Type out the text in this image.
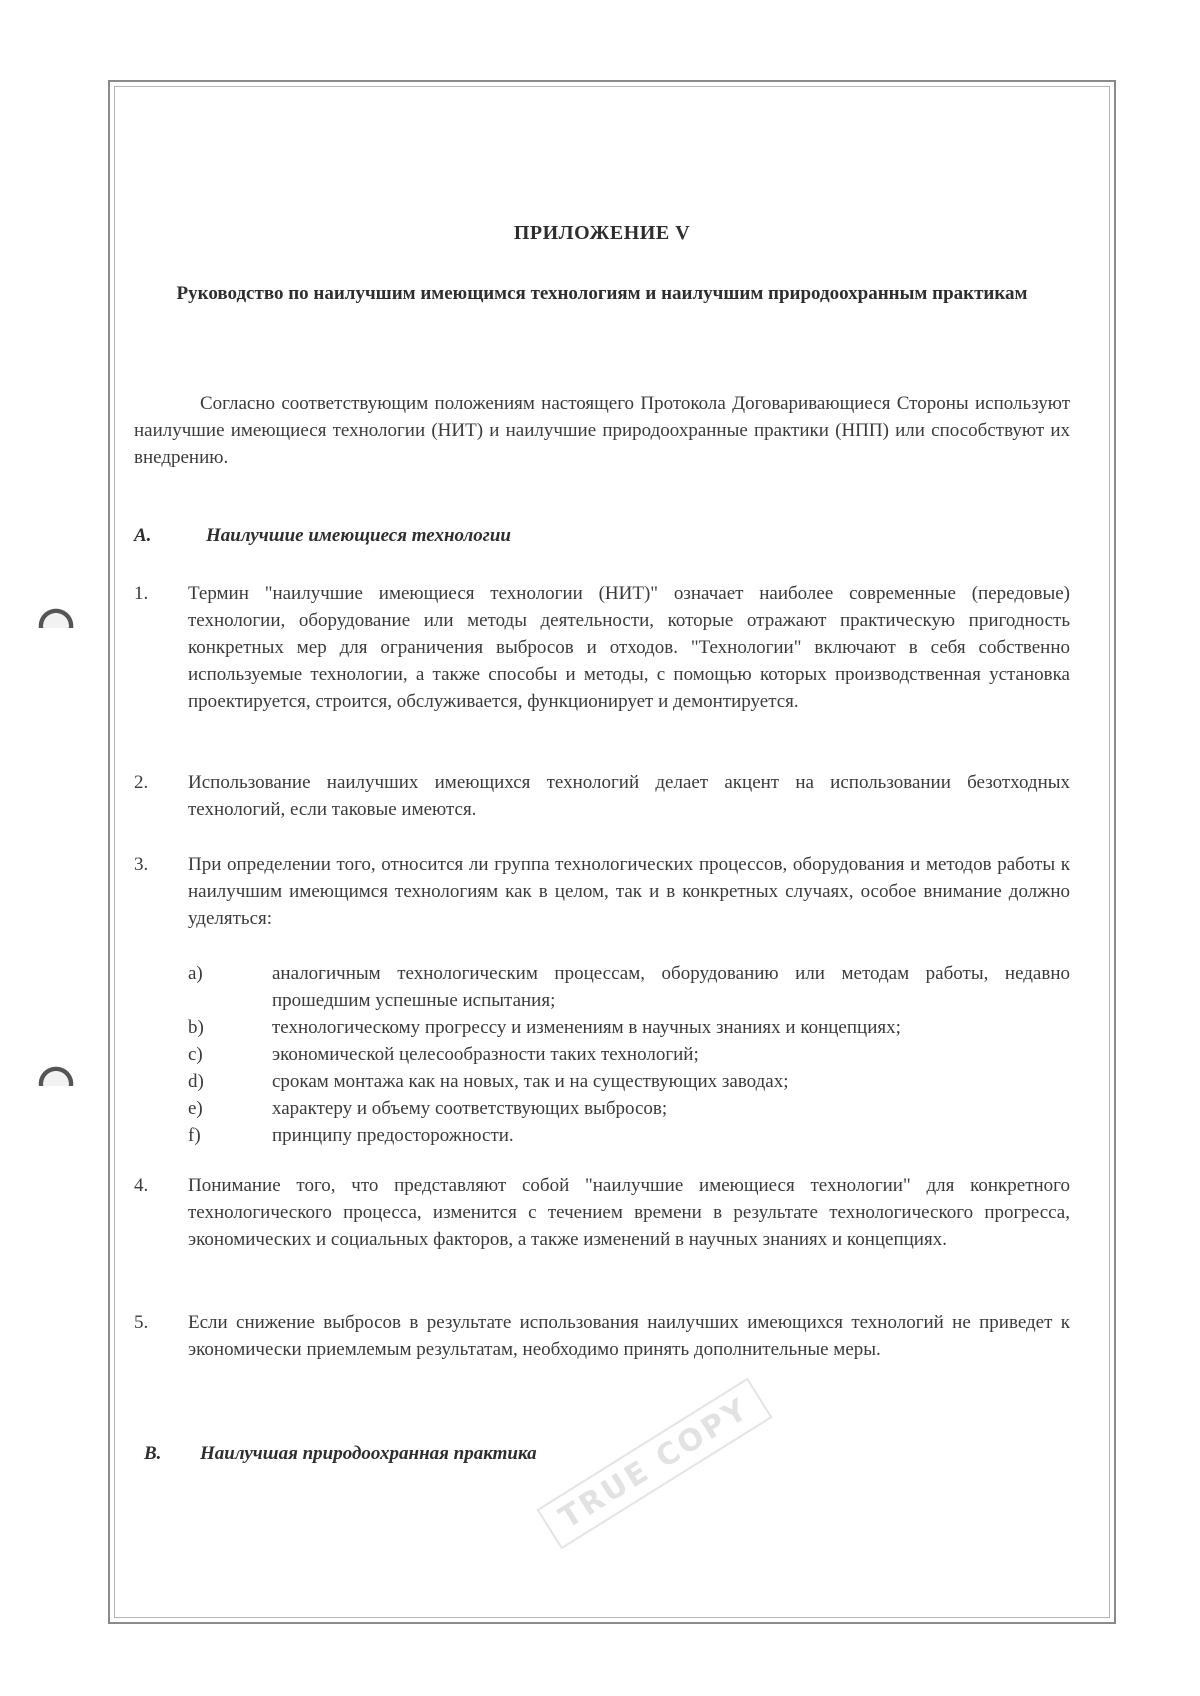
ПРИЛОЖЕНИЕ V
Руководство по наилучшим имеющимся технологиям и наилучшим природоохранным практикам
Согласно соответствующим положениям настоящего Протокола Договаривающиеся Стороны используют наилучшие имеющиеся технологии (НИТ) и наилучшие природоохранные практики (НПП) или способствуют их внедрению.
A.	Наилучшие имеющиеся технологии
1. Термин "наилучшие имеющиеся технологии (НИТ)" означает наиболее современные (передовые) технологии, оборудование или методы деятельности, которые отражают практическую пригодность конкретных мер для ограничения выбросов и отходов. "Технологии" включают в себя собственно используемые технологии, а также способы и методы, с помощью которых производственная установка проектируется, строится, обслуживается, функционирует и демонтируется.
2. Использование наилучших имеющихся технологий делает акцент на использовании безотходных технологий, если таковые имеются.
3. При определении того, относится ли группа технологических процессов, оборудования и методов работы к наилучшим имеющимся технологиям как в целом, так и в конкретных случаях, особое внимание должно уделяться:
a)	аналогичным технологическим процессам, оборудованию или методам работы, недавно прошедшим успешные испытания;
b)	технологическому прогрессу и изменениям в научных знаниях и концепциях;
c)	экономической целесообразности таких технологий;
d)	срокам монтажа как на новых, так и на существующих заводах;
e)	характеру и объему соответствующих выбросов;
f)	принципу предосторожности.
4. Понимание того, что представляют собой "наилучшие имеющиеся технологии" для конкретного технологического процесса, изменится с течением времени в результате технологического прогресса, экономических и социальных факторов, а также изменений в научных знаниях и концепциях.
5. Если снижение выбросов в результате использования наилучших имеющихся технологий не приведет к экономически приемлемым результатам, необходимо принять дополнительные меры.
B. Наилучшая природоохранная практика TRUE COPY
